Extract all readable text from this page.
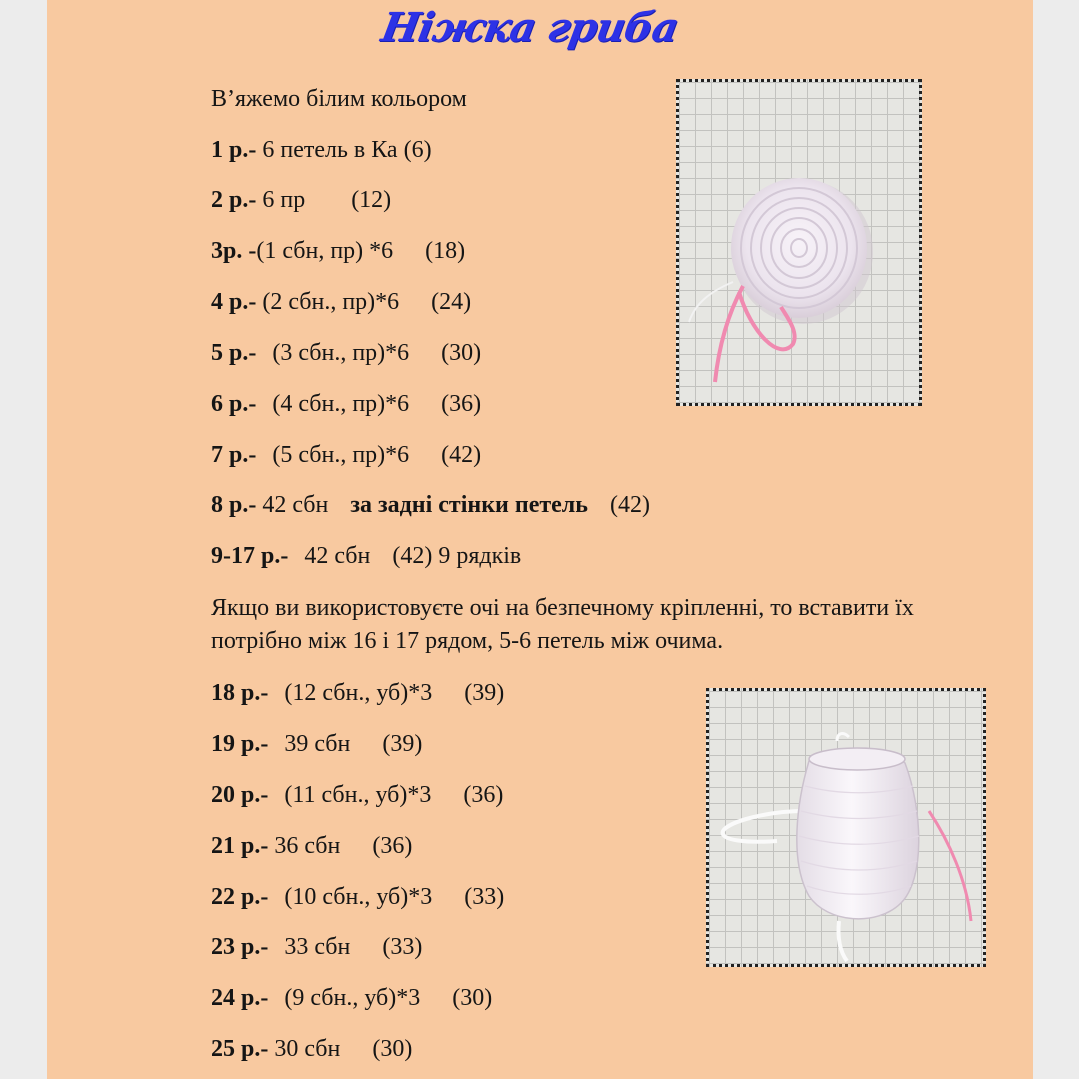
Ніжка гриба
В’яжемо білим кольором
1 р.- 6 петель в Ка (6)
2 р.- 6 пр (12)
3р. -(1 сбн, пр) *6 (18)
4 р.- (2 сбн., пр)*6 (24)
5 р.- (3 сбн., пр)*6 (30)
6 р.- (4 сбн., пр)*6 (36)
7 р.- (5 сбн., пр)*6 (42)
8 р.- 42 сбн за задні стінки петель (42)
9-17 р.- 42 сбн (42) 9 рядків
Якщо ви використовуєте очі на безпечному кріпленні, то вставити їх потрібно між 16 і 17 рядом, 5-6 петель між очима.
18 р.- (12 сбн., уб)*3 (39)
19 р.- 39 сбн (39)
20 р.- (11 сбн., уб)*3 (36)
21 р.- 36 сбн (36)
22 р.- (10 сбн., уб)*3 (33)
23 р.- 33 сбн (33)
24 р.- (9 сбн., уб)*3 (30)
25 р.- 30 сбн (30)
